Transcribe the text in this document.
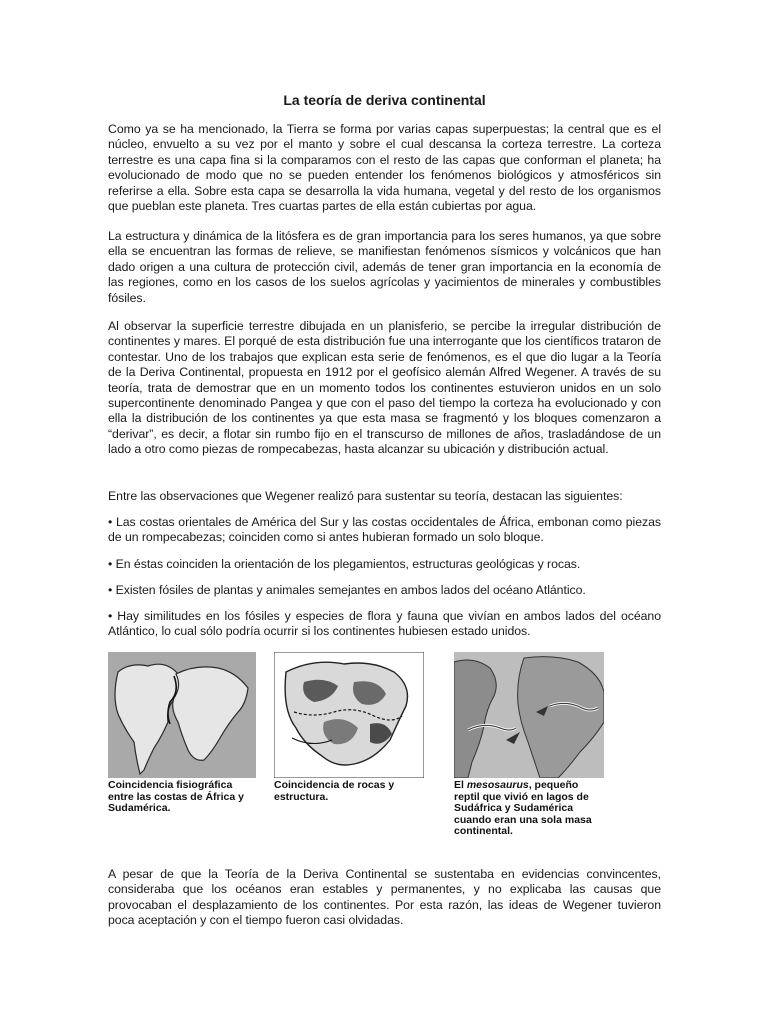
La teoría de deriva continental

Como ya se ha mencionado, la Tierra se forma por varias capas superpuestas; la central que es el núcleo, envuelto a su vez por el manto y sobre el cual descansa la corteza terrestre. La corteza terrestre es una capa fina si la comparamos con el resto de las capas que conforman el planeta; ha evolucionado de modo que no se pueden entender los fenómenos biológicos y atmosféricos sin referirse a ella. Sobre esta capa se desarrolla la vida humana, vegetal y del resto de los organismos que pueblan este planeta. Tres cuartas partes de ella están cubiertas por agua.

La estructura y dinámica de la litósfera es de gran importancia para los seres humanos, ya que sobre ella se encuentran las formas de relieve, se manifiestan fenómenos sísmicos y volcánicos que han dado origen a una cultura de protección civil, además de tener gran importancia en la economía de las regiones, como en los casos de los suelos agrícolas y yacimientos de minerales y combustibles fósiles.

Al observar la superficie terrestre dibujada en un planisferio, se percibe la irregular distribución de continentes y mares. El porqué de esta distribución fue una interrogante que los científicos trataron de contestar. Uno de los trabajos que explican esta serie de fenómenos, es el que dio lugar a la Teoría de la Deriva Continental, propuesta en 1912 por el geofísico alemán Alfred Wegener. A través de su teoría, trata de demostrar que en un momento todos los continentes estuvieron unidos en un solo supercontinente denominado Pangea y que con el paso del tiempo la corteza ha evolucionado y con ella la distribución de los continentes ya que esta masa se fragmentó y los bloques comenzaron a “derivar”, es decir, a flotar sin rumbo fijo en el transcurso de millones de años, trasladándose de un lado a otro como piezas de rompecabezas, hasta alcanzar su ubicación y distribución actual.

Entre las observaciones que Wegener realizó para sustentar su teoría, destacan las siguientes:

• Las costas orientales de América del Sur y las costas occidentales de África, embonan como piezas de un rompecabezas; coinciden como si antes hubieran formado un solo bloque.

• En éstas coinciden la orientación de los plegamientos, estructuras geológicas y rocas.

• Existen fósiles de plantas y animales semejantes en ambos lados del océano Atlántico.

• Hay similitudes en los fósiles y especies de flora y fauna que vivían en ambos lados del océano Atlántico, lo cual sólo podría ocurrir si los continentes hubiesen estado unidos.

Coincidencia fisiográfica entre las costas de África y Sudamérica.
Coincidencia de rocas y estructura.
El mesosaurus, pequeño reptil que vivió en lagos de Sudáfrica y Sudamérica cuando eran una sola masa continental.

A pesar de que la Teoría de la Deriva Continental se sustentaba en evidencias convincentes, consideraba que los océanos eran estables y permanentes, y no explicaba las causas que provocaban el desplazamiento de los continentes. Por esta razón, las ideas de Wegener tuvieron poca aceptación y con el tiempo fueron casi olvidadas.
